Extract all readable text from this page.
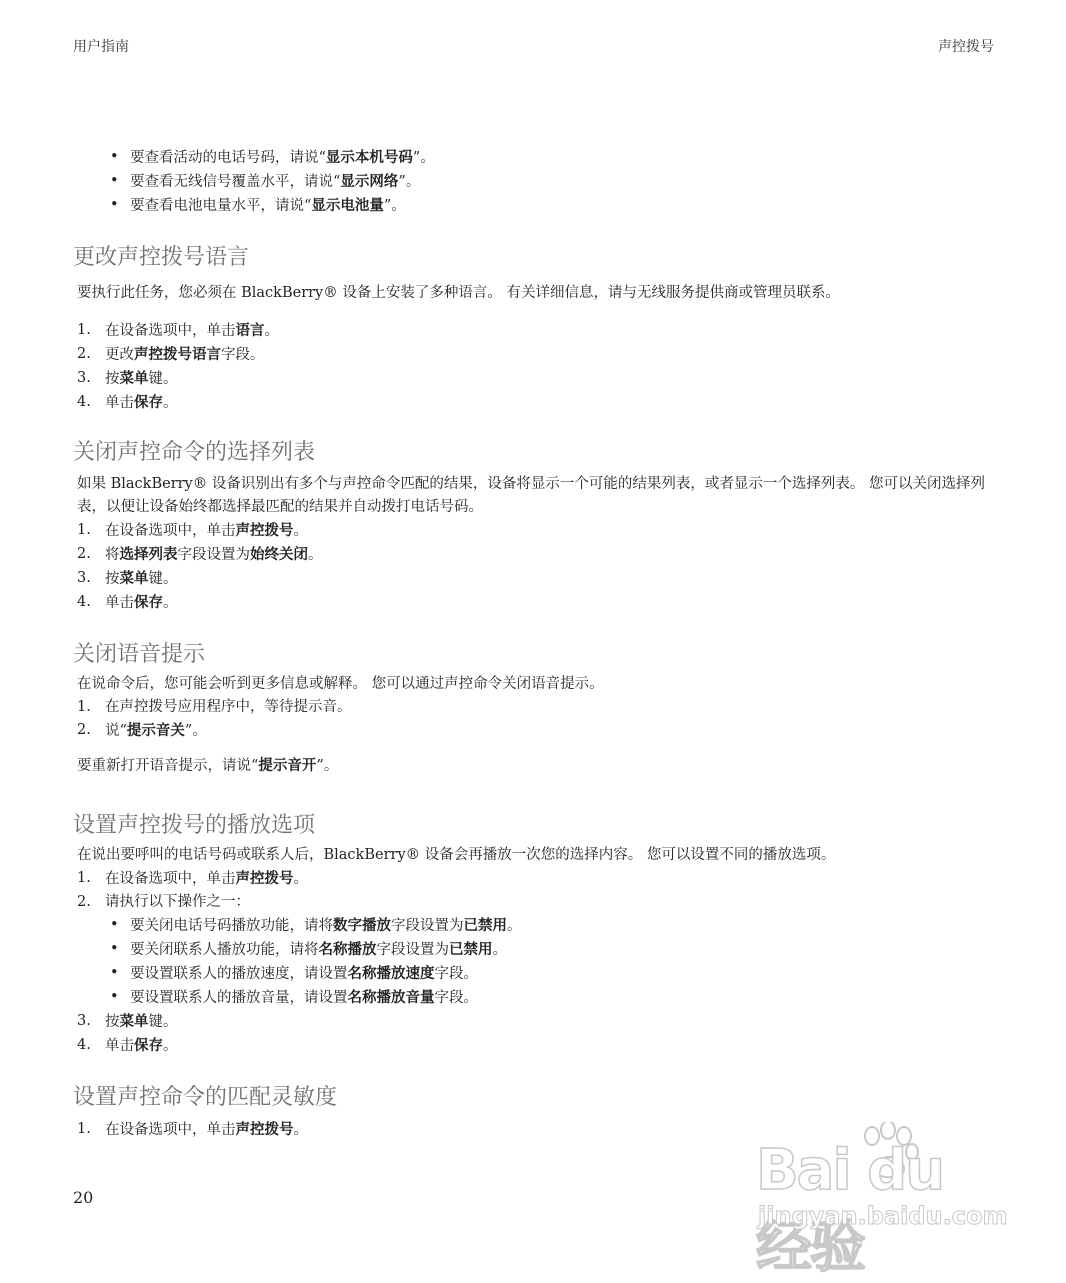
用户指南	声控拨号
• 要查看活动的电话号码，请说“显示本机号码”。
• 要查看无线信号覆盖水平，请说“显示网络”。
• 要查看电池电量水平，请说“显示电池量”。
更改声控拨号语言

要执行此任务，您必须在 BlackBerry® 设备上安装了多种语言。 有关详细信息，请与无线服务提供商或管理员联系。

1. 在设备选项中，单击语言。
2. 更改声控拨号语言字段。
3. 按菜单键。
4. 单击保存。
关闭声控命令的选择列表

如果 BlackBerry® 设备识别出有多个与声控命令匹配的结果，设备将显示一个可能的结果列表，或者显示一个选择列表。 您可以关闭选择列表，以便让设备始终都选择最匹配的结果并自动拨打电话号码。

1. 在设备选项中，单击声控拨号。
2. 将选择列表字段设置为始终关闭。
3. 按菜单键。
4. 单击保存。
关闭语音提示

在说命令后，您可能会听到更多信息或解释。 您可以通过声控命令关闭语音提示。

1. 在声控拨号应用程序中，等待提示音。
2. 说“提示音关”。

要重新打开语音提示，请说“提示音开”。

设置声控拨号的播放选项

在说出要呼叫的电话号码或联系人后，BlackBerry® 设备会再播放一次您的选择内容。 您可以设置不同的播放选项。

1. 在设备选项中，单击声控拨号。
2. 请执行以下操作之一：
• 要关闭电话号码播放功能，请将数字播放字段设置为已禁用。
• 要关闭联系人播放功能，请将名称播放字段设置为已禁用。
• 要设置联系人的播放速度，请设置名称播放速度字段。
• 要设置联系人的播放音量，请设置名称播放音量字段。
3. 按菜单键。
4. 单击保存。
设置声控命令的匹配灵敏度
1. 在设备选项中，单击声控拨号。
20	Bai du 经验
jingyan.baidu.com
